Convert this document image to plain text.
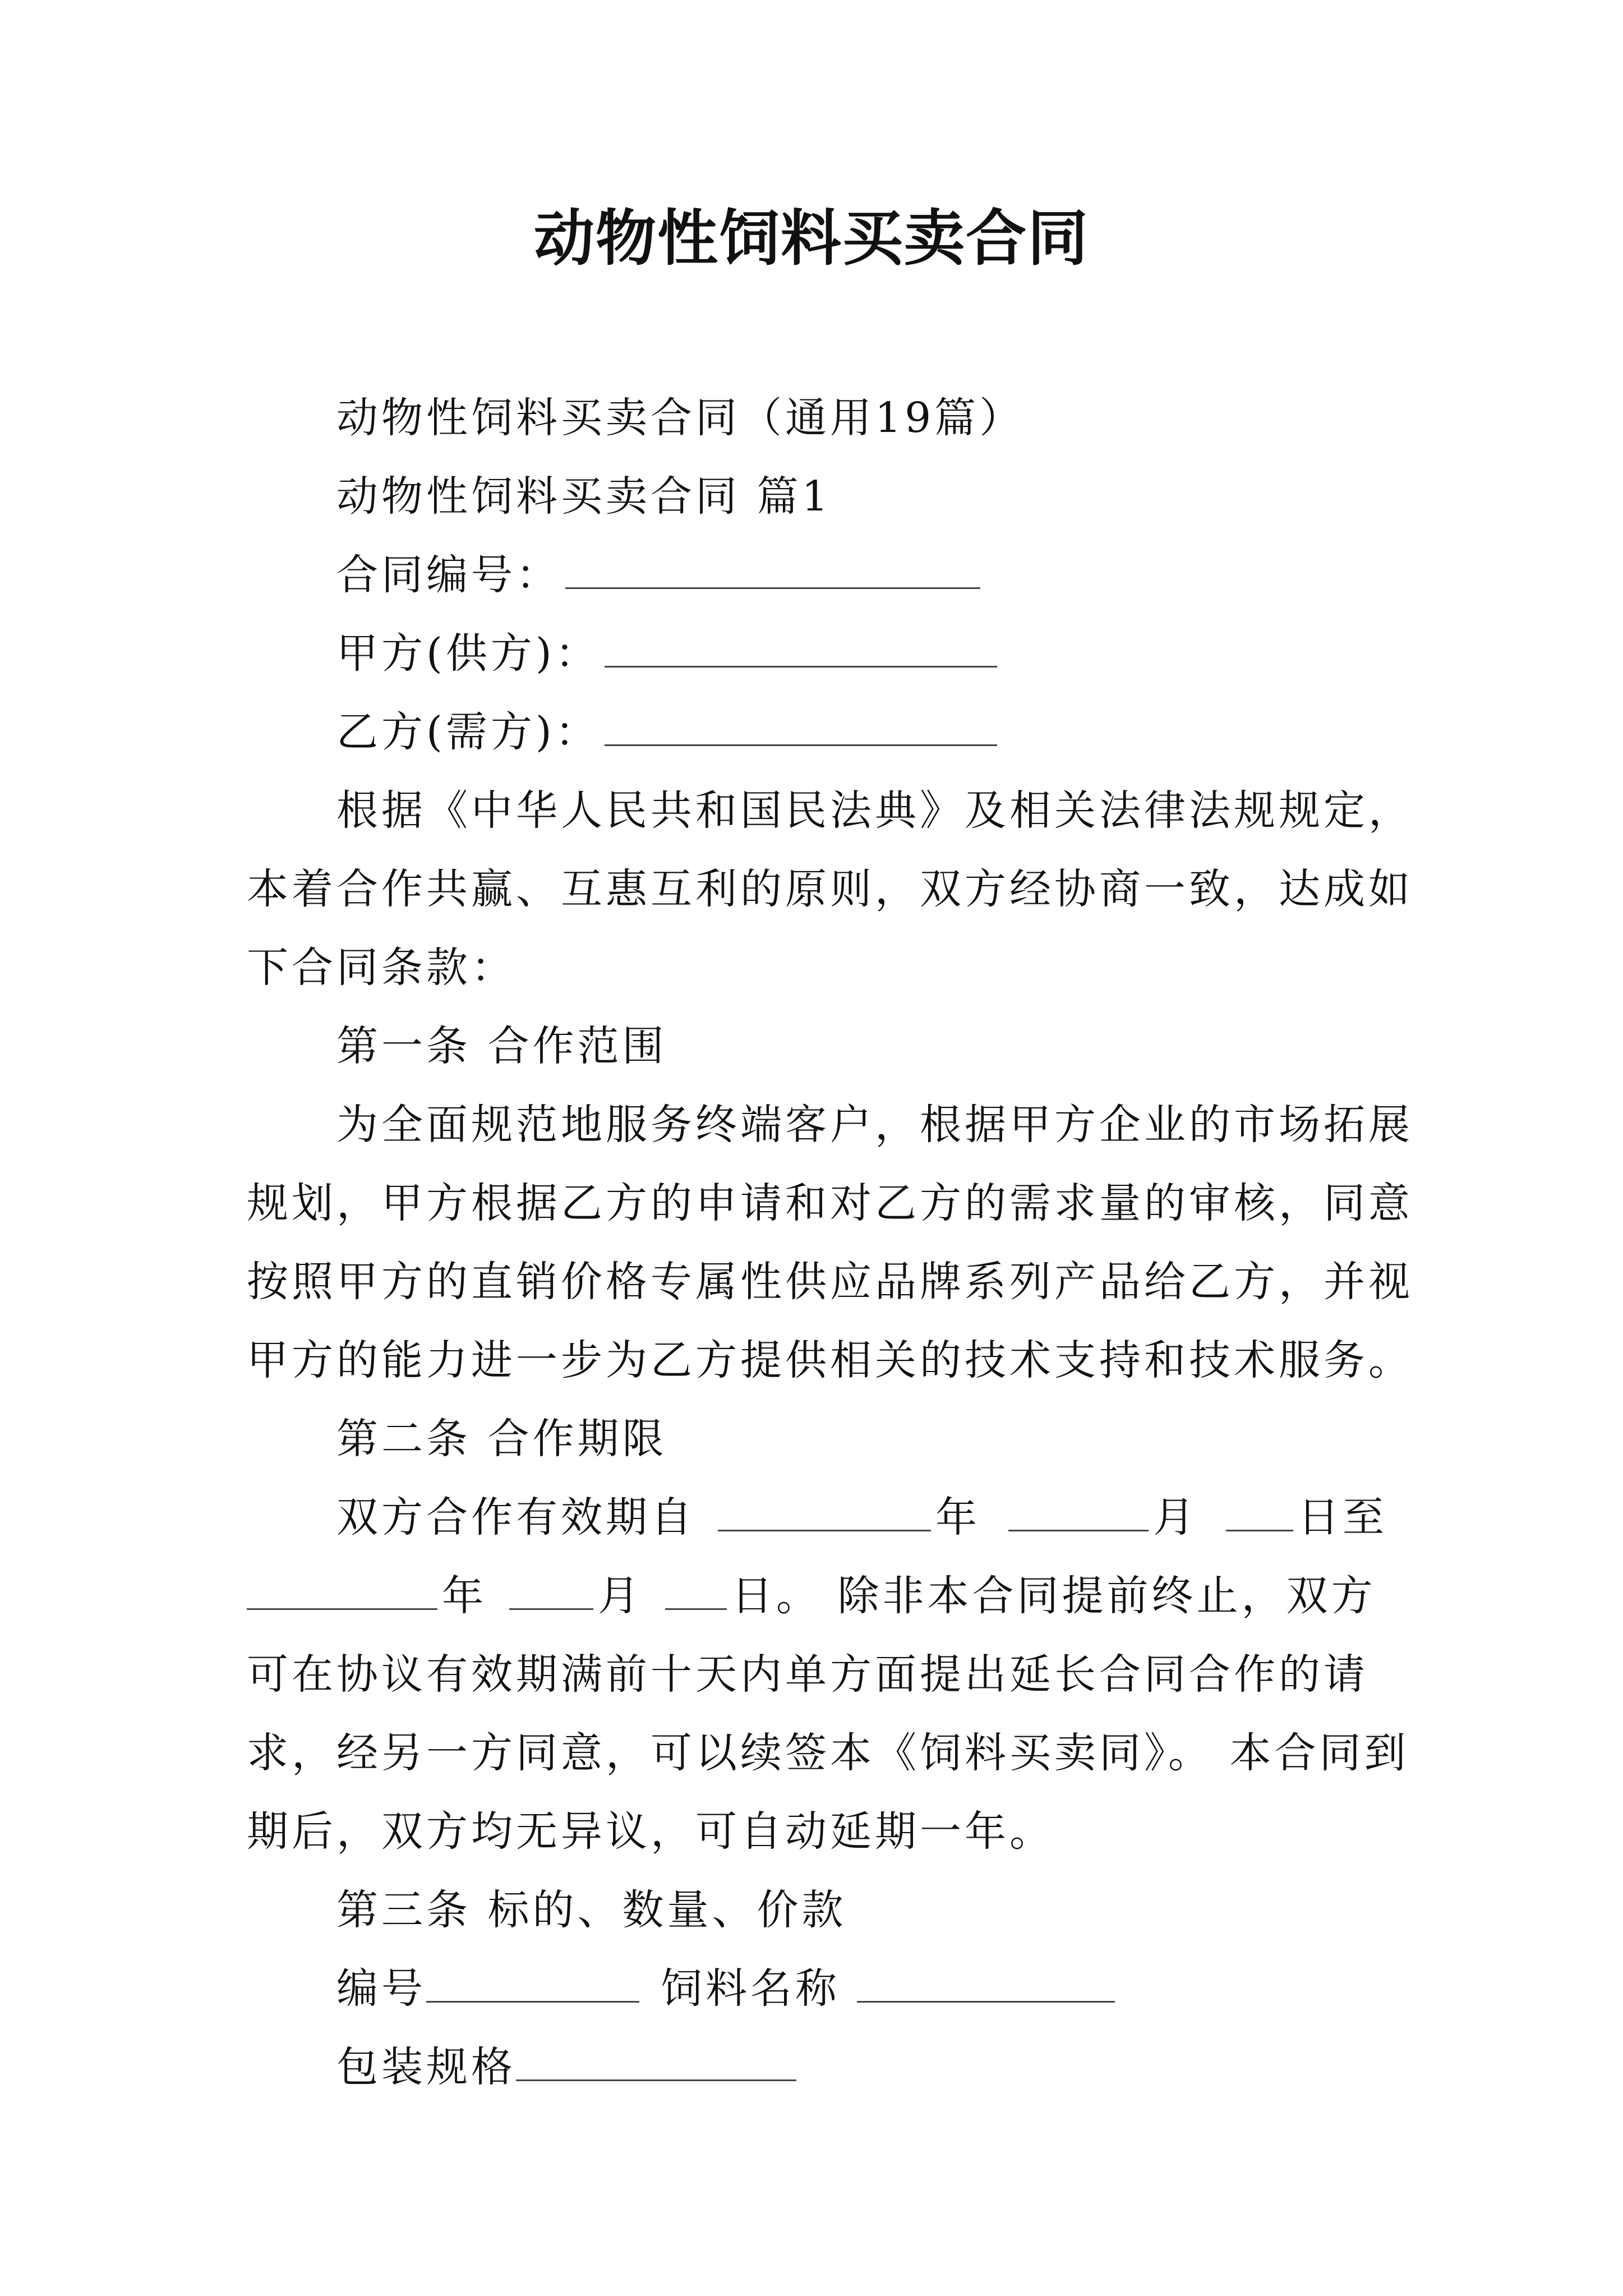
动物性饲料买卖合同
动物性饲料买卖合同（通用19篇）
动物性饲料买卖合同 篇1
合同编号：
甲方(供方)：
乙方(需方)：
根据《中华人民共和国民法典》及相关法律法规规定，
本着合作共赢、互惠互利的原则，双方经协商一致，达成如
下合同条款：
第一条 合作范围
为全面规范地服务终端客户，根据甲方企业的市场拓展
规划，甲方根据乙方的申请和对乙方的需求量的审核，同意
按照甲方的直销价格专属性供应品牌系列产品给乙方，并视
甲方的能力进一步为乙方提供相关的技术支持和技术服务。
第二条 合作期限
双方合作有效期自	年	月 日至
年	月 日。 除非本合同提前终止，双方
可在协议有效期满前十天内单方面提出延长合同合作的请
求，经另一方同意，可以续签本《饲料买卖同》。 本合同到
期后，双方均无异议，可自动延期一年。
第三条 标的、数量、价款
编号	饲料名称
包装规格
